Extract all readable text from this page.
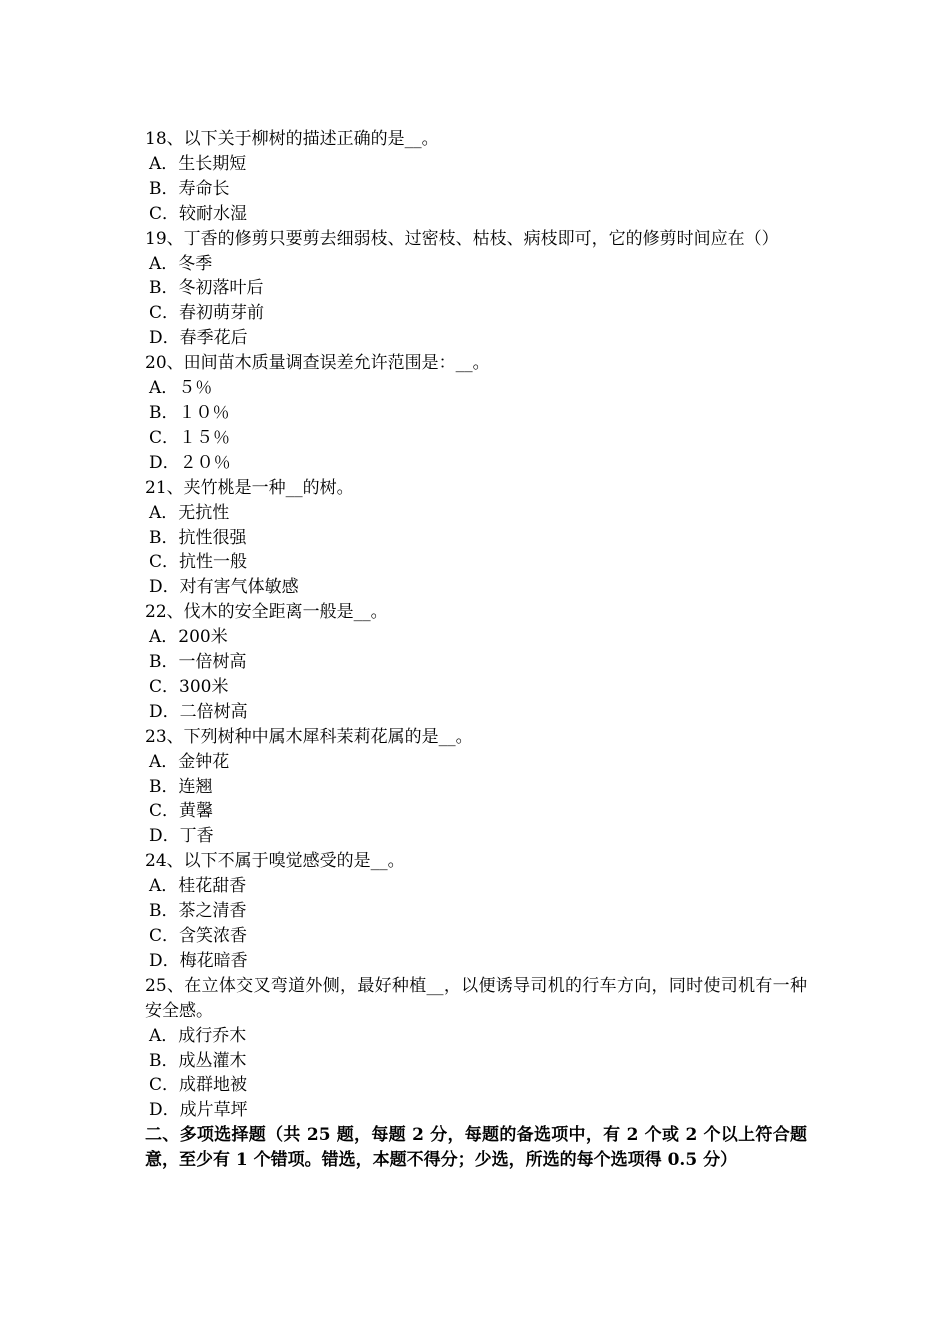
18、以下关于柳树的描述正确的是__。

A．生长期短

B．寿命长

C．较耐水湿

19、丁香的修剪只要剪去细弱枝、过密枝、枯枝、病枝即可，它的修剪时间应在（）

A．冬季

B．冬初落叶后

C．春初萌芽前

D．春季花后

20、田间苗木质量调查误差允许范围是：__。

A．５％

B．１０％

C．１５％

D．２０％

21、夹竹桃是一种__的树。

A．无抗性

B．抗性很强

C．抗性一般

D．对有害气体敏感

22、伐木的安全距离一般是__。

A．200米

B．一倍树高

C．300米

D．二倍树高

23、下列树种中属木犀科茉莉花属的是__。

A．金钟花

B．连翘

C．黄馨

D．丁香

24、以下不属于嗅觉感受的是__。

A．桂花甜香

B．茶之清香

C．含笑浓香

D．梅花暗香

25、在立体交叉弯道外侧，最好种植__，以便诱导司机的行车方向，同时使司机有一种安全感。

A．成行乔木

B．成丛灌木

C．成群地被

D．成片草坪

二、多项选择题（共 25 题，每题 2 分，每题的备选项中，有 2 个或 2 个以上符合题意，至少有 1 个错项。错选，本题不得分；少选，所选的每个选项得 0.5 分）
